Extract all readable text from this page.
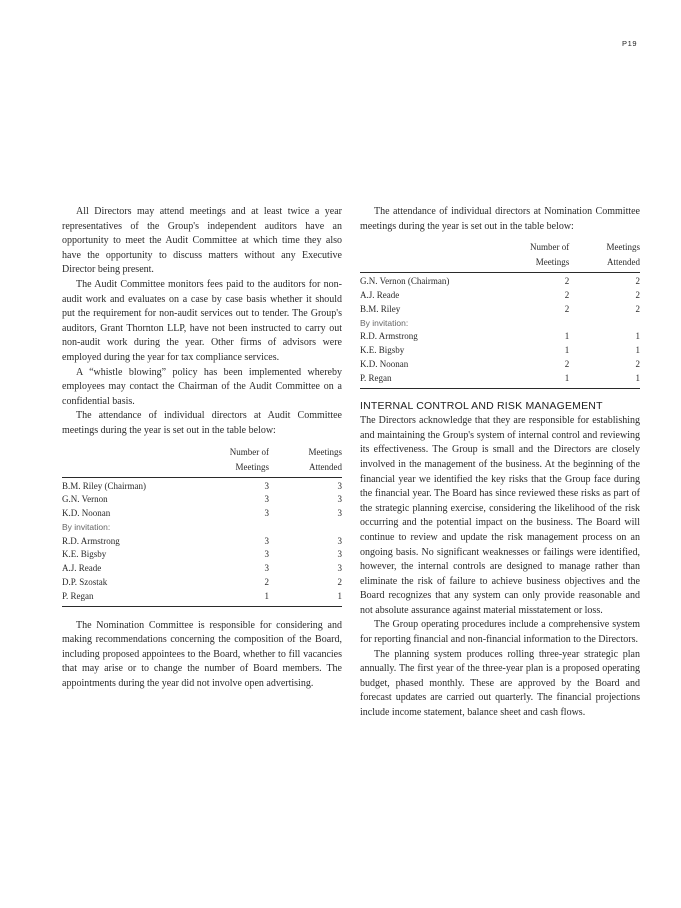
P19

All Directors may attend meetings and at least twice a year representatives of the Group's independent auditors have an opportunity to meet the Audit Committee at which time they also have the opportunity to discuss matters without any Executive Director being present.

The Audit Committee monitors fees paid to the auditors for non-audit work and evaluates on a case by case basis whether it should put the requirement for non-audit services out to tender. The Group's auditors, Grant Thornton LLP, have not been instructed to carry out non-audit work during the year. Other firms of advisors were employed during the year for tax compliance services.

A “whistle blowing” policy has been implemented whereby employees may contact the Chairman of the Audit Committee on a confidential basis.

The attendance of individual directors at Audit Committee meetings during the year is set out in the table below:

	Number of	Meetings
	Meetings	Attended
B.M. Riley (Chairman)	3	3
G.N. Vernon	3	3
K.D. Noonan	3	3
By invitation:		
R.D. Armstrong	3	3
K.E. Bigsby	3	3
A.J. Reade	3	3
D.P. Szostak	2	2
P. Regan	1	1

The Nomination Committee is responsible for considering and making recommendations concerning the composition of the Board, including proposed appointees to the Board, whether to fill vacancies that may arise or to change the number of Board members. The appointments during the year did not involve open advertising.

The attendance of individual directors at Nomination Committee meetings during the year is set out in the table below:

	Number of	Meetings
	Meetings	Attended
G.N. Vernon (Chairman)	2	2
A.J. Reade	2	2
B.M. Riley	2	2
By invitation:		
R.D. Armstrong	1	1
K.E. Bigsby	1	1
K.D. Noonan	2	2
P. Regan	1	1
INTERNAL CONTROL AND RISK MANAGEMENT

The Directors acknowledge that they are responsible for establishing and maintaining the Group's system of internal control and reviewing its effectiveness. The Group is small and the Directors are closely involved in the management of the business. At the beginning of the financial year we identified the key risks that the Group face during the financial year. The Board has since reviewed these risks as part of the strategic planning exercise, considering the likelihood of the risk occurring and the potential impact on the business. The Board will continue to review and update the risk management process on an ongoing basis. No significant weaknesses or failings were identified, however, the internal controls are designed to manage rather than eliminate the risk of failure to achieve business objectives and the Board recognizes that any system can only provide reasonable and not absolute assurance against material misstatement or loss.

The Group operating procedures include a comprehensive system for reporting financial and non-financial information to the Directors.

The planning system produces rolling three-year strategic plan annually. The first year of the three-year plan is a proposed operating budget, phased monthly. These are approved by the Board and forecast updates are carried out quarterly. The financial projections include income statement, balance sheet and cash flows.
